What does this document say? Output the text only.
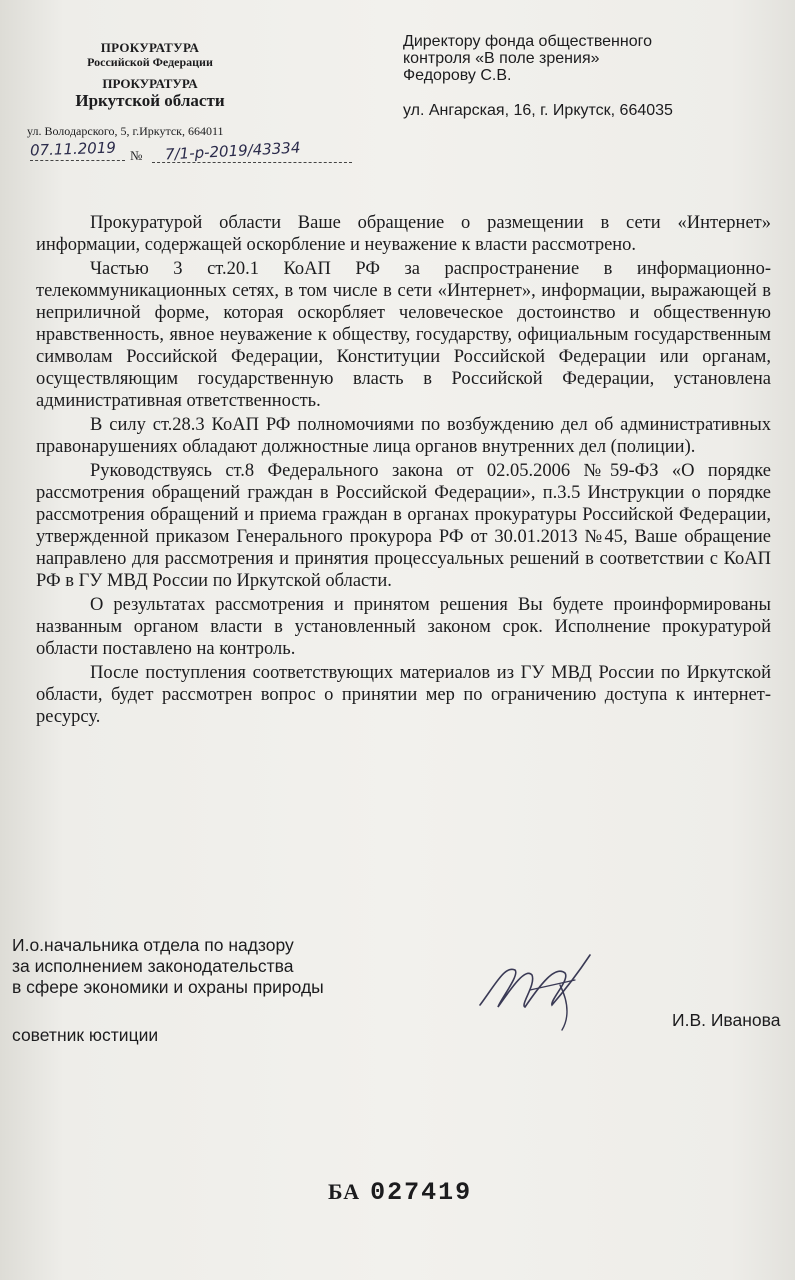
ПРОКУРАТУРА
Российской Федерации
ПРОКУРАТУРА
Иркутской области
ул. Володарского, 5, г.Иркутск, 664011
07.11.2019 № 7/1-р-2019/43334
Директору фонда общественного
контроля «В поле зрения»
Федорову С.В.
ул. Ангарская, 16, г. Иркутск, 664035

Прокуратурой области Ваше обращение о размещении в сети «Интернет» информации, содержащей оскорбление и неуважение к власти рассмотрено.

Частью 3 ст.20.1 КоАП РФ за распространение в информационно-телекоммуникационных сетях, в том числе в сети «Интернет», информации, выражающей в неприличной форме, которая оскорбляет человеческое достоинство и общественную нравственность, явное неуважение к обществу, государству, официальным государственным символам Российской Федерации, Конституции Российской Федерации или органам, осуществляющим государственную власть в Российской Федерации, установлена административная ответственность.

В силу ст.28.3 КоАП РФ полномочиями по возбуждению дел об административных правонарушениях обладают должностные лица органов внутренних дел (полиции).

Руководствуясь ст.8 Федерального закона от 02.05.2006 №59-ФЗ «О порядке рассмотрения обращений граждан в Российской Федерации», п.3.5 Инструкции о порядке рассмотрения обращений и приема граждан в органах прокуратуры Российской Федерации, утвержденной приказом Генерального прокурора РФ от 30.01.2013 №45, Ваше обращение направлено для рассмотрения и принятия процессуальных решений в соответствии с КоАП РФ в ГУ МВД России по Иркутской области.

О результатах рассмотрения и принятом решения Вы будете проинформированы названным органом власти в установленный законом срок. Исполнение прокуратурой области поставлено на контроль.

После поступления соответствующих материалов из ГУ МВД России по Иркутской области, будет рассмотрен вопрос о принятии мер по ограничению доступа к интернет-ресурсу.

И.о.начальника отдела по надзору
за исполнением законодательства
в сфере экономики и охраны природы
советник юстиции
И.В. Иванова
БА 027419
